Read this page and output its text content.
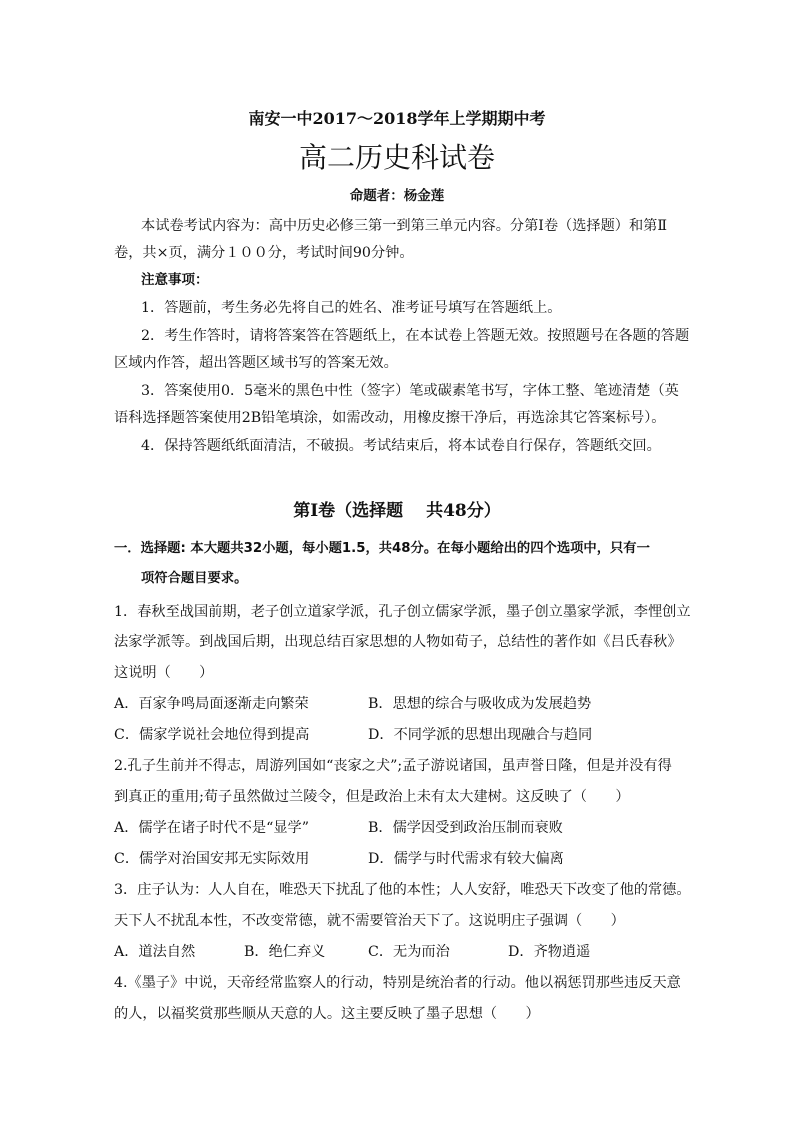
南安一中2017～2018学年上学期期中考
高二历史科试卷
命题者：杨金莲
本试卷考试内容为：高中历史必修三第一到第三单元内容。分第Ⅰ卷（选择题）和第Ⅱ
卷，共×页，满分１００分，考试时间90分钟。
注意事项：
1．答题前，考生务必先将自己的姓名、准考证号填写在答题纸上。
2．考生作答时，请将答案答在答题纸上，在本试卷上答题无效。按照题号在各题的答题
区域内作答，超出答题区域书写的答案无效。
3．答案使用0．5毫米的黑色中性（签字）笔或碳素笔书写，字体工整、笔迹清楚（英
语科选择题答案使用2B铅笔填涂，如需改动，用橡皮擦干净后，再选涂其它答案标号）。
4．保持答题纸纸面清洁，不破损。考试结束后，将本试卷自行保存，答题纸交回。
第Ⅰ卷（选择题　 共48分）
一．选择题: 本大题共32小题，每小题1.5，共48分。在每小题给出的四个选项中，只有一
项符合题目要求。
1．春秋至战国前期，老子创立道家学派，孔子创立儒家学派，墨子创立墨家学派，李悝创立
法家学派等。到战国后期，出现总结百家思想的人物如荀子，总结性的著作如《吕氏春秋》
这说明（　　）
A．百家争鸣局面逐渐走向繁荣	B．思想的综合与吸收成为发展趋势
C．儒家学说社会地位得到提高	D．不同学派的思想出现融合与趋同
2.孔子生前并不得志，周游列国如“丧家之犬”;孟子游说诸国，虽声誉日隆，但是并没有得
到真正的重用;荀子虽然做过兰陵令，但是政治上未有太大建树。这反映了（　　）
A．儒学在诸子时代不是“显学”	B．儒学因受到政治压制而衰败
C．儒学对治国安邦无实际效用	D．儒学与时代需求有较大偏离
3．庄子认为：人人自在，唯恐天下扰乱了他的本性；人人安舒，唯恐天下改变了他的常德。
天下人不扰乱本性，不改变常德，就不需要管治天下了。这说明庄子强调（　　）
A．道法自然	B．绝仁弃义	C．无为而治	D．齐物逍遥
4.《墨子》中说，天帝经常监察人的行动，特别是统治者的行动。他以祸惩罚那些违反天意
的人，以福奖赏那些顺从天意的人。这主要反映了墨子思想（　　）
